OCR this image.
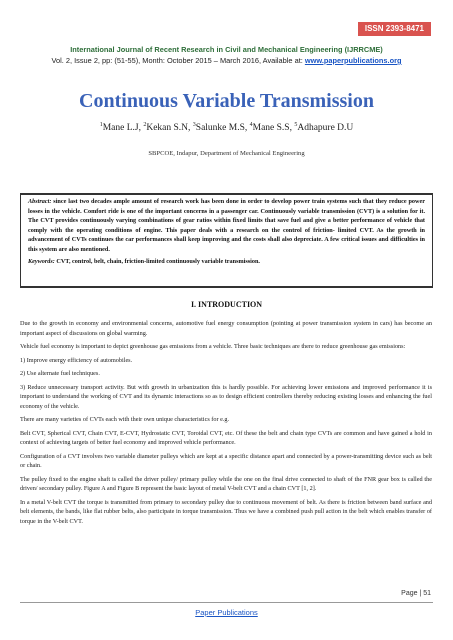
ISSN 2393-8471
International Journal of Recent Research in Civil and Mechanical Engineering (IJRRCME)
Vol. 2, Issue 2, pp: (51-55), Month: October 2015 – March 2016, Available at: www.paperpublications.org
Continuous Variable Transmission
$^1$Mane L.J, $^2$Kekan S.N, $^3$Salunke M.S, $^4$Mane S.S, $^5$Adhapure D.U
SBPCOE, Indapur, Department of Mechanical Engineering

Abstract: since last two decades ample amount of research work has been done in order to develop power train systems such that they reduce power losses in the vehicle. Comfort ride is one of the important concerns in a passenger car. Continuously variable transmission (CVT) is a solution for it. The CVT provides continuously varying combinations of gear ratios within fixed limits that save fuel and give a better performance of vehicle that comply with the operating conditions of engine. This paper deals with a research on the control of friction- limited CVT. As the growth in advancement of CVTs continues the car performances shall keep improving and the costs shall also depreciate. A few critical issues and difficulties in this system are also mentioned.

Keywords: CVT, control, belt, chain, friction-limited continuously variable transmission.

I. INTRODUCTION

Due to the growth in economy and environmental concerns, automotive fuel energy consumption (pointing at power transmission system in cars) has become an important aspect of discussions on global warming.

Vehicle fuel economy is important to depict greenhouse gas emissions from a vehicle. Three basic techniques are there to reduce greenhouse gas emissions:

1) Improve energy efficiency of automobiles.

2) Use alternate fuel techniques.

3) Reduce unnecessary transport activity. But with growth in urbanization this is hardly possible. For achieving lower emissions and improved performance it is important to understand the working of CVT and its dynamic interactions so as to design efficient controllers thereby reducing existing losses and enhancing the fuel economy of the vehicle.

There are many varieties of CVTs each with their own unique characteristics for e.g.

Belt CVT, Spherical CVT, Chain CVT, E-CVT, Hydrostatic CVT, Toroidal CVT, etc. Of these the belt and chain type CVTs are common and have gained a hold in context of achieving targets of better fuel economy and improved vehicle performance.

Configuration of a CVT involves two variable diameter pulleys which are kept at a specific distance apart and connected by a power-transmitting device such as belt or chain.

The pulley fixed to the engine shaft is called the driver pulley/ primary pulley while the one on the final drive connected to shaft of the FNR gear box is called the driven/ secondary pulley. Figure A and Figure B represent the basic layout of metal V-belt CVT and a chain CVT [1, 2].

In a metal V-belt CVT the torque is transmitted from primary to secondary pulley due to continuous movement of belt. As there is friction between band surface and belt elements, the bands, like flat rubber belts, also participate in torque transmission. Thus we have a combined push pull action in the belt which enables transfer of torque in the V-belt CVT.

Page | 51
Paper Publications
